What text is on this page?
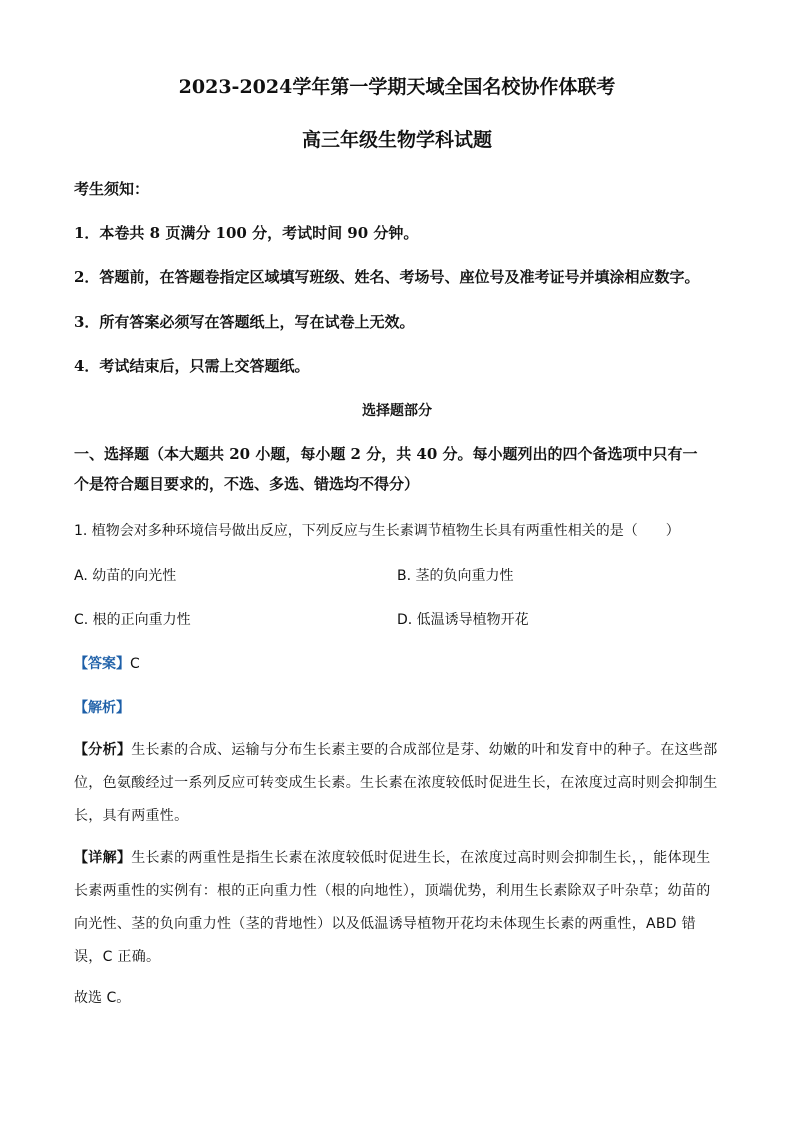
2023-2024学年第一学期天域全国名校协作体联考
高三年级生物学科试题
考生须知：
1．本卷共 8 页满分 100 分，考试时间 90 分钟。
2．答题前，在答题卷指定区域填写班级、姓名、考场号、座位号及准考证号并填涂相应数字。
3．所有答案必须写在答题纸上，写在试卷上无效。
4．考试结束后，只需上交答题纸。
选择题部分
一、选择题（本大题共 20 小题，每小题 2 分，共 40 分。每小题列出的四个备选项中只有一
个是符合题目要求的，不选、多选、错选均不得分）
1. 植物会对多种环境信号做出反应，下列反应与生长素调节植物生长具有两重性相关的是（　　）
A. 幼苗的向光性	B. 茎的负向重力性
C. 根的正向重力性	D. 低温诱导植物开花
【答案】C
【解析】
【分析】生长素的合成、运输与分布生长素主要的合成部位是芽、幼嫩的叶和发育中的种子。在这些部位，色氨酸经过一系列反应可转变成生长素。生长素在浓度较低时促进生长，在浓度过高时则会抑制生长，具有两重性。
【详解】生长素的两重性是指生长素在浓度较低时促进生长，在浓度过高时则会抑制生长，，能体现生长素两重性的实例有：根的正向重力性（根的向地性），顶端优势，利用生长素除双子叶杂草；幼苗的向光性、茎的负向重力性（茎的背地性）以及低温诱导植物开花均未体现生长素的两重性，ABD 错误，C 正确。
故选 C。
